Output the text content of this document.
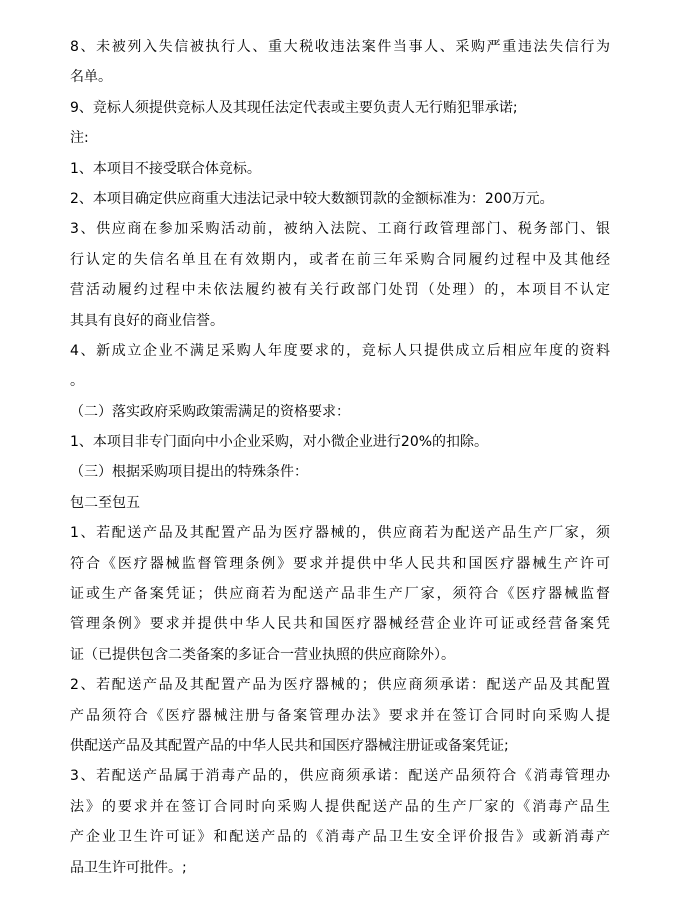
8、未被列入失信被执行人、重大税收违法案件当事人、采购严重违法失信行为
名单。
9、竞标人须提供竞标人及其现任法定代表或主要负责人无行贿犯罪承诺;
注:
1、本项目不接受联合体竞标。
2、本项目确定供应商重大违法记录中较大数额罚款的金额标准为：200万元。
3、供应商在参加采购活动前，被纳入法院、工商行政管理部门、税务部门、银
行认定的失信名单且在有效期内，或者在前三年采购合同履约过程中及其他经
营活动履约过程中未依法履约被有关行政部门处罚（处理）的，本项目不认定
其具有良好的商业信誉。
4、新成立企业不满足采购人年度要求的，竞标人只提供成立后相应年度的资料
。
（二）落实政府采购政策需满足的资格要求：
1、本项目非专门面向中小企业采购，对小微企业进行20%的扣除。
（三）根据采购项目提出的特殊条件：
包二至包五
1、若配送产品及其配置产品为医疗器械的，供应商若为配送产品生产厂家，须
符合《医疗器械监督管理条例》要求并提供中华人民共和国医疗器械生产许可
证或生产备案凭证；供应商若为配送产品非生产厂家，须符合《医疗器械监督
管理条例》要求并提供中华人民共和国医疗器械经营企业许可证或经营备案凭
证（已提供包含二类备案的多证合一营业执照的供应商除外）。
2、若配送产品及其配置产品为医疗器械的；供应商须承诺：配送产品及其配置
产品须符合《医疗器械注册与备案管理办法》要求并在签订合同时向采购人提
供配送产品及其配置产品的中华人民共和国医疗器械注册证或备案凭证;
3、若配送产品属于消毒产品的，供应商须承诺：配送产品须符合《消毒管理办
法》的要求并在签订合同时向采购人提供配送产品的生产厂家的《消毒产品生
产企业卫生许可证》和配送产品的《消毒产品卫生安全评价报告》或新消毒产
品卫生许可批件。;
